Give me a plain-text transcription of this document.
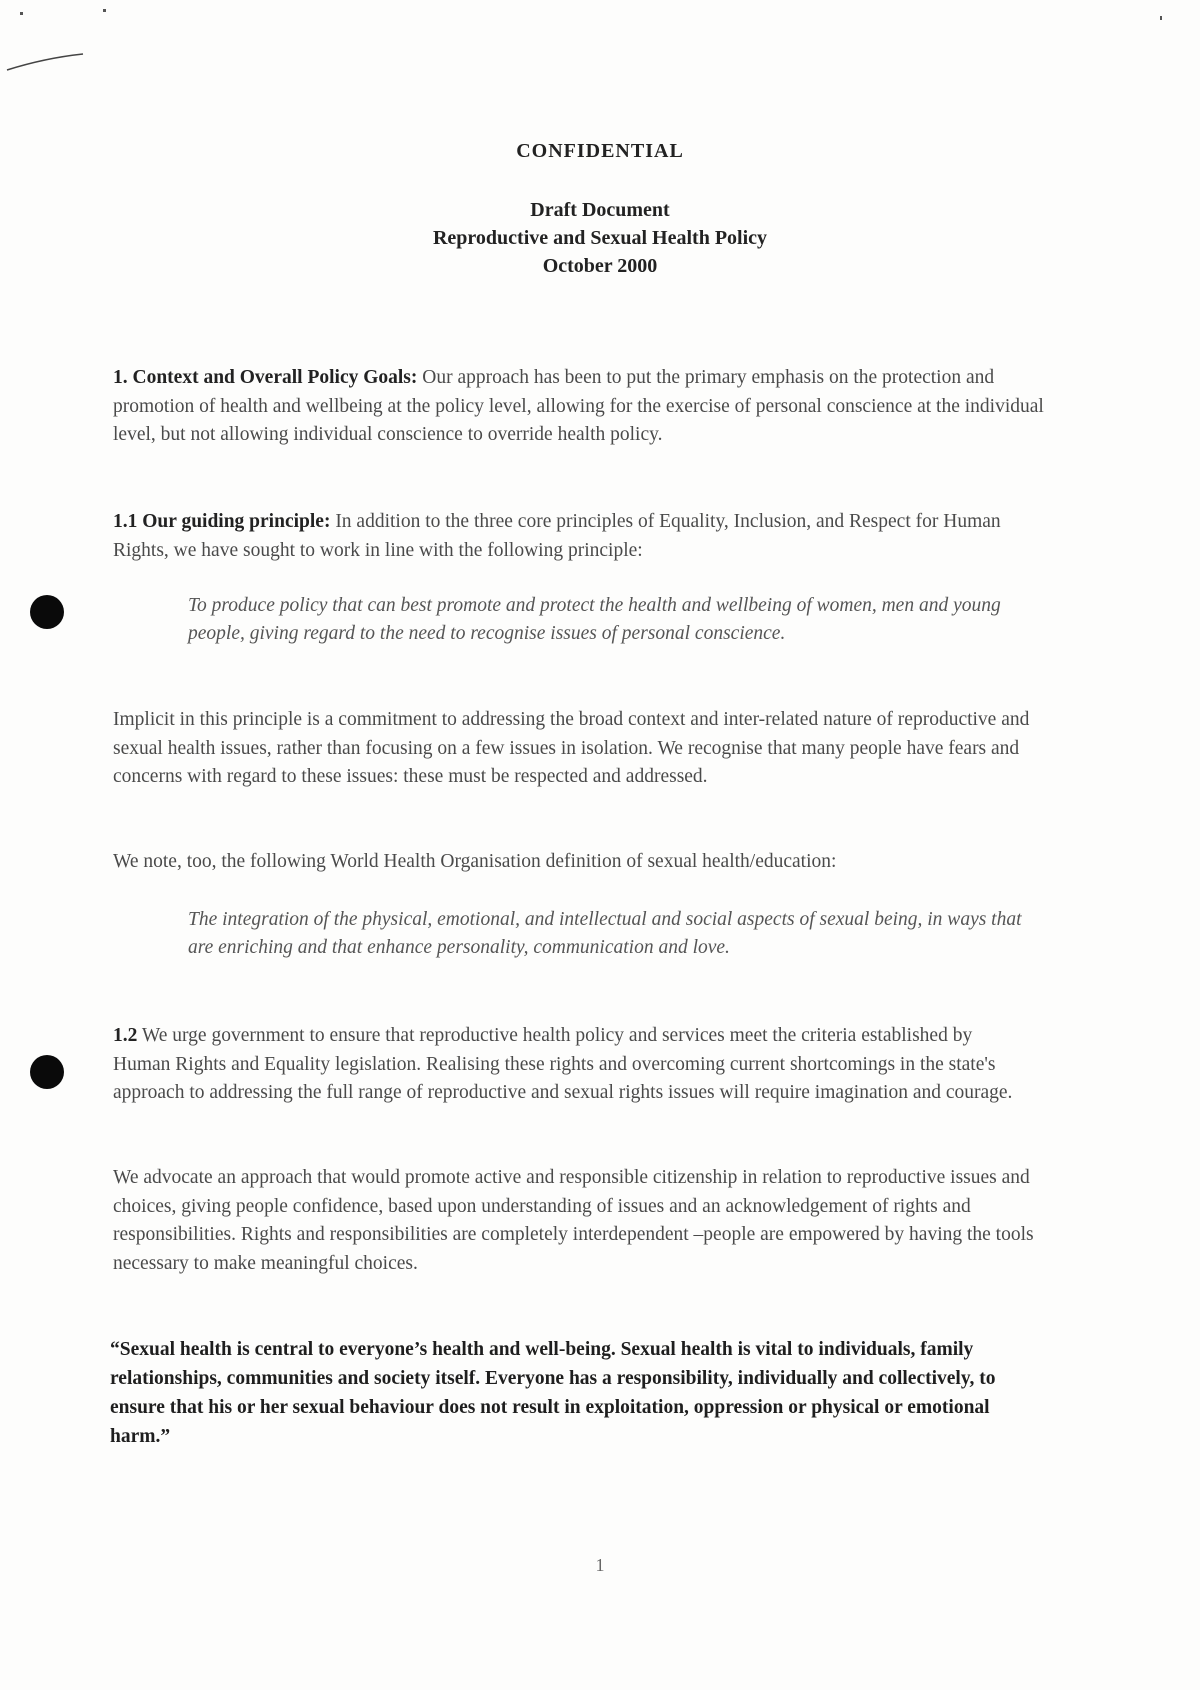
CONFIDENTIAL
Draft Document
Reproductive and Sexual Health Policy
October 2000
1. Context and Overall Policy Goals: Our approach has been to put the primary emphasis on the protection and promotion of health and wellbeing at the policy level, allowing for the exercise of personal conscience at the individual level, but not allowing individual conscience to override health policy.
1.1 Our guiding principle: In addition to the three core principles of Equality, Inclusion, and Respect for Human Rights, we have sought to work in line with the following principle:
To produce policy that can best promote and protect the health and wellbeing of women, men and young people, giving regard to the need to recognise issues of personal conscience.
Implicit in this principle is a commitment to addressing the broad context and inter-related nature of reproductive and sexual health issues, rather than focusing on a few issues in isolation. We recognise that many people have fears and concerns with regard to these issues: these must be respected and addressed.
We note, too, the following World Health Organisation definition of sexual health/education:
The integration of the physical, emotional, and intellectual and social aspects of sexual being, in ways that are enriching and that enhance personality, communication and love.
1.2 We urge government to ensure that reproductive health policy and services meet the criteria established by Human Rights and Equality legislation. Realising these rights and overcoming current shortcomings in the state's approach to addressing the full range of reproductive and sexual rights issues will require imagination and courage.
We advocate an approach that would promote active and responsible citizenship in relation to reproductive issues and choices, giving people confidence, based upon understanding of issues and an acknowledgement of rights and responsibilities. Rights and responsibilities are completely interdependent –people are empowered by having the tools necessary to make meaningful choices.
“Sexual health is central to everyone’s health and well-being. Sexual health is vital to individuals, family relationships, communities and society itself. Everyone has a responsibility, individually and collectively, to ensure that his or her sexual behaviour does not result in exploitation, oppression or physical or emotional harm.”
1
